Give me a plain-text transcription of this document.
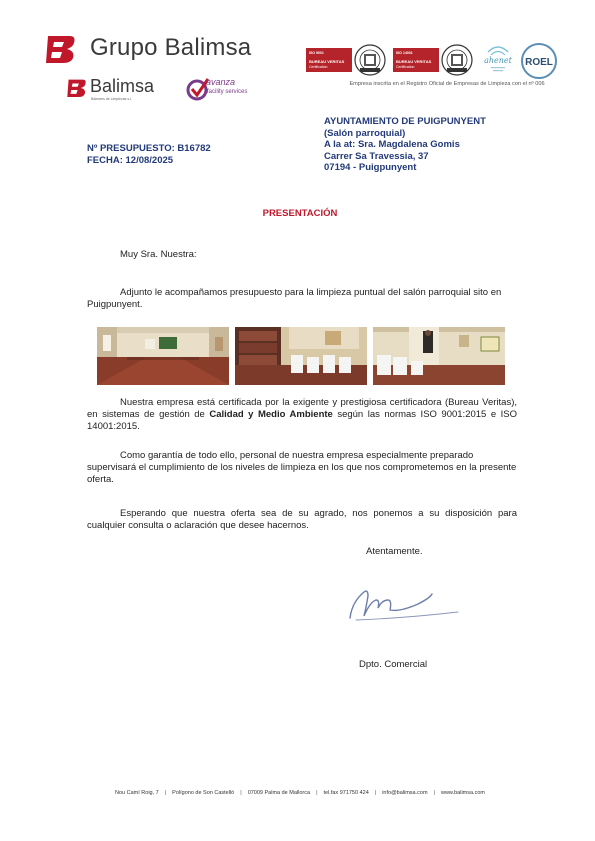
Grupo Balimsa
Balimsa
Baleares de Limpiezas s.l.
avanza
facility services
ISO 9001
BUREAU VERITAS
Certification
ISO 14001
BUREAU VERITAS
Certification
ahenet ROEL
Empresa inscrita en el Registro Oficial de Empresas de Limpieza con el nº 006
AYUNTAMIENTO DE PUIGPUNYENT
(Salón parroquial)
A la at: Sra. Magdalena Gomis
Carrer Sa Travessia, 37
07194 - Puigpunyent
Nº PRESUPUESTO: B16782
FECHA: 12/08/2025
PRESENTACIÓN
Muy Sra. Nuestra:
Adjunto le acompañamos presupuesto para la limpieza puntual del salón parroquial sito en Puigpunyent.
Nuestra empresa está certificada por la exigente y prestigiosa certificadora (Bureau Veritas), en sistemas de gestión de Calidad y Medio Ambiente según las normas ISO 9001:2015 e ISO 14001:2015.
Como garantía de todo ello, personal de nuestra empresa especialmente preparado supervisará el cumplimiento de los niveles de limpieza en los que nos comprometemos en la presente oferta.
Esperando que nuestra oferta sea de su agrado, nos ponemos a su disposición para cualquier consulta o aclaración que desee hacernos.
Atentamente.
Dpto. Comercial
Nou Camí Roig, 7 | Polígono de Son Castelló | 07009 Palma de Mallorca | tel.fax 971750 424 | info@balimsa.com | www.balimsa.com
